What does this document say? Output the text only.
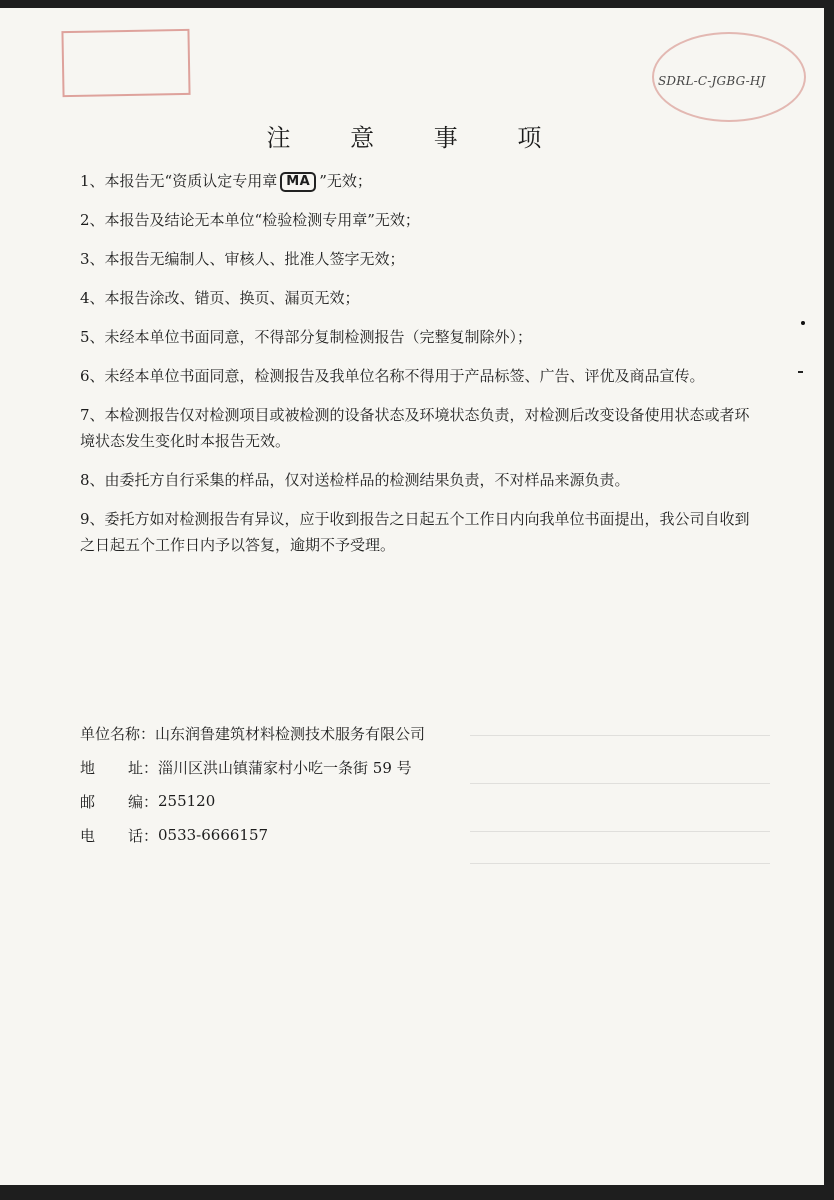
SDRL-C-JGBG-HJ
注 意 事 项
1、本报告无“资质认定专用章 MA ”无效；
2、本报告及结论无本单位“检验检测专用章”无效；
3、本报告无编制人、审核人、批准人签字无效；
4、本报告涂改、错页、换页、漏页无效；
5、未经本单位书面同意，不得部分复制检测报告（完整复制除外）；
6、未经本单位书面同意，检测报告及我单位名称不得用于产品标签、广告、评优及商品宣传。
7、本检测报告仅对检测项目或被检测的设备状态及环境状态负责，对检测后改变设备使用状态或者环境状态发生变化时本报告无效。
8、由委托方自行采集的样品，仅对送检样品的检测结果负责，不对样品来源负责。
9、委托方如对检测报告有异议，应于收到报告之日起五个工作日内向我单位书面提出，我公司自收到之日起五个工作日内予以答复，逾期不予受理。
单位名称： 山东润鲁建筑材料检测技术服务有限公司
地 址： 淄川区洪山镇蒲家村小吃一条街 59 号
邮 编： 255120
电 话： 0533-6666157
